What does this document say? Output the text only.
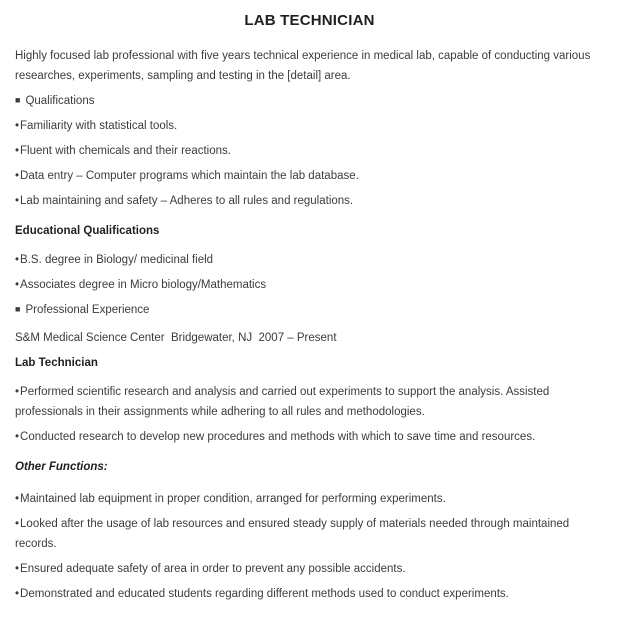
LAB TECHNICIAN

Highly focused lab professional with five years technical experience in medical lab, capable of conducting various researches, experiments, sampling and testing in the [detail] area.

■ Qualifications

•Familiarity with statistical tools.

•Fluent with chemicals and their reactions.

•Data entry – Computer programs which maintain the lab database.

•Lab maintaining and safety – Adheres to all rules and regulations.

Educational Qualifications

•B.S. degree in Biology/ medicinal field

•Associates degree in Micro biology/Mathematics

■ Professional Experience

S&M Medical Science Center  Bridgewater, NJ  2007 – Present

Lab Technician

•Performed scientific research and analysis and carried out experiments to support the analysis. Assisted professionals in their assignments while adhering to all rules and methodologies.

•Conducted research to develop new procedures and methods with which to save time and resources.

Other Functions:

•Maintained lab equipment in proper condition, arranged for performing experiments.

•Looked after the usage of lab resources and ensured steady supply of materials needed through maintained records.

•Ensured adequate safety of area in order to prevent any possible accidents.

•Demonstrated and educated students regarding different methods used to conduct experiments.
